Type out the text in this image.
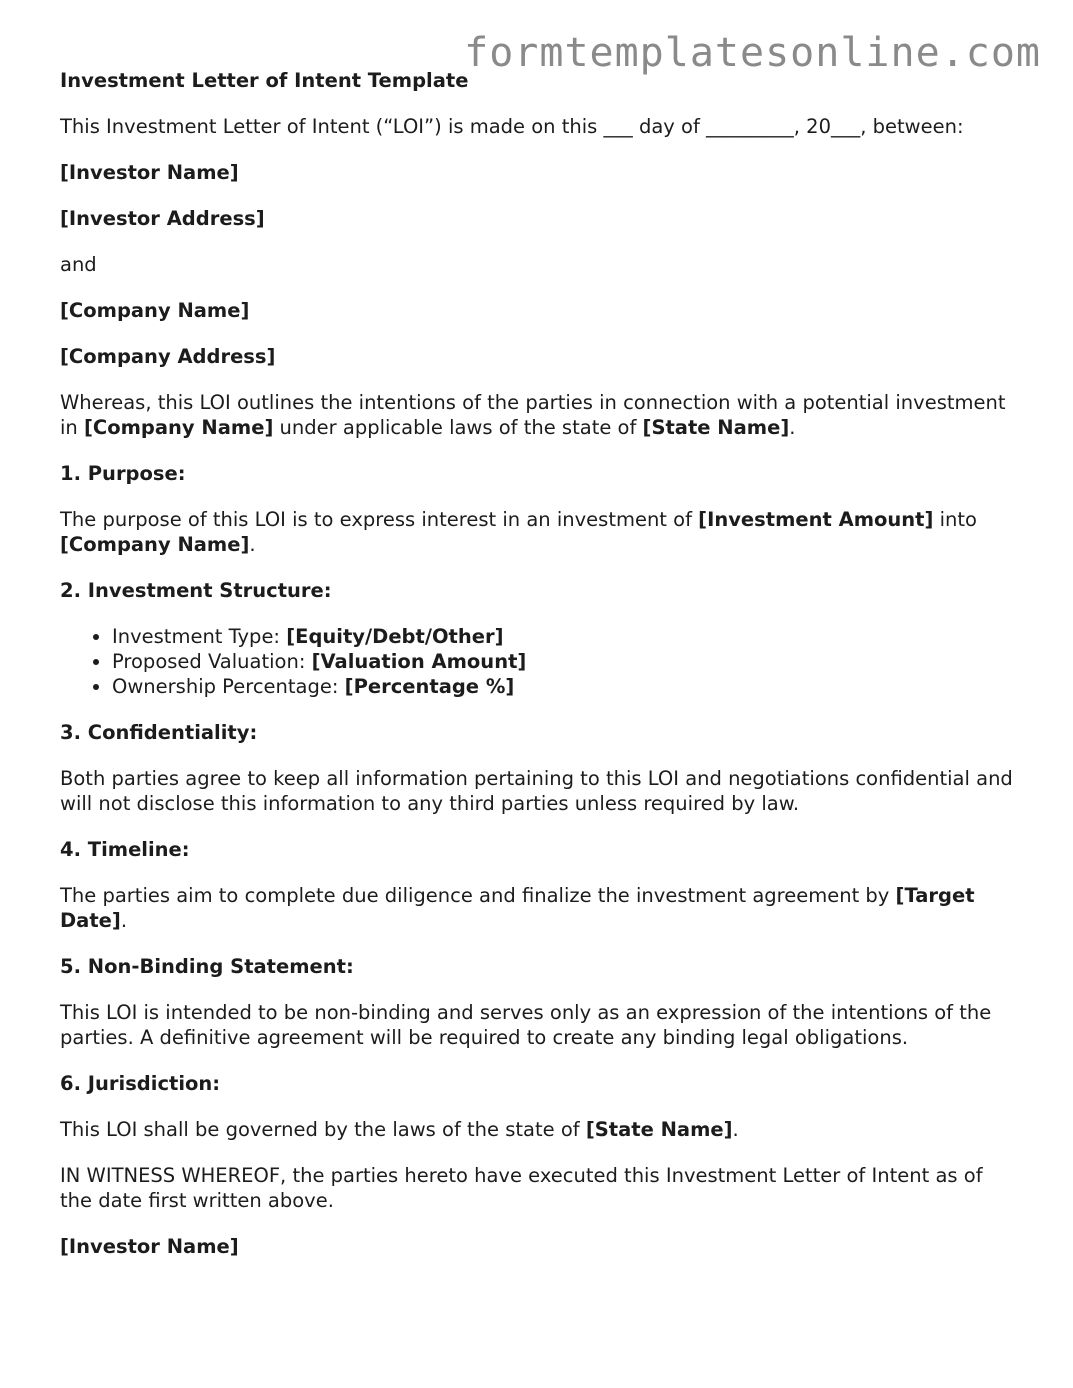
formtemplatesonline.com

Investment Letter of Intent Template

This Investment Letter of Intent (“LOI”) is made on this ___ day of _________, 20___, between:

[Investor Name]

[Investor Address]

and

[Company Name]

[Company Address]

Whereas, this LOI outlines the intentions of the parties in connection with a potential investment in [Company Name] under applicable laws of the state of [State Name].

1. Purpose:

The purpose of this LOI is to express interest in an investment of [Investment Amount] into [Company Name].

2. Investment Structure:
• Investment Type: [Equity/Debt/Other]
• Proposed Valuation: [Valuation Amount]
• Ownership Percentage: [Percentage %]
3. Confidentiality:

Both parties agree to keep all information pertaining to this LOI and negotiations confidential and will not disclose this information to any third parties unless required by law.

4. Timeline:

The parties aim to complete due diligence and finalize the investment agreement by [Target Date].

5. Non-Binding Statement:

This LOI is intended to be non-binding and serves only as an expression of the intentions of the parties. A definitive agreement will be required to create any binding legal obligations.

6. Jurisdiction:

This LOI shall be governed by the laws of the state of [State Name].

IN WITNESS WHEREOF, the parties hereto have executed this Investment Letter of Intent as of the date first written above.

[Investor Name]
